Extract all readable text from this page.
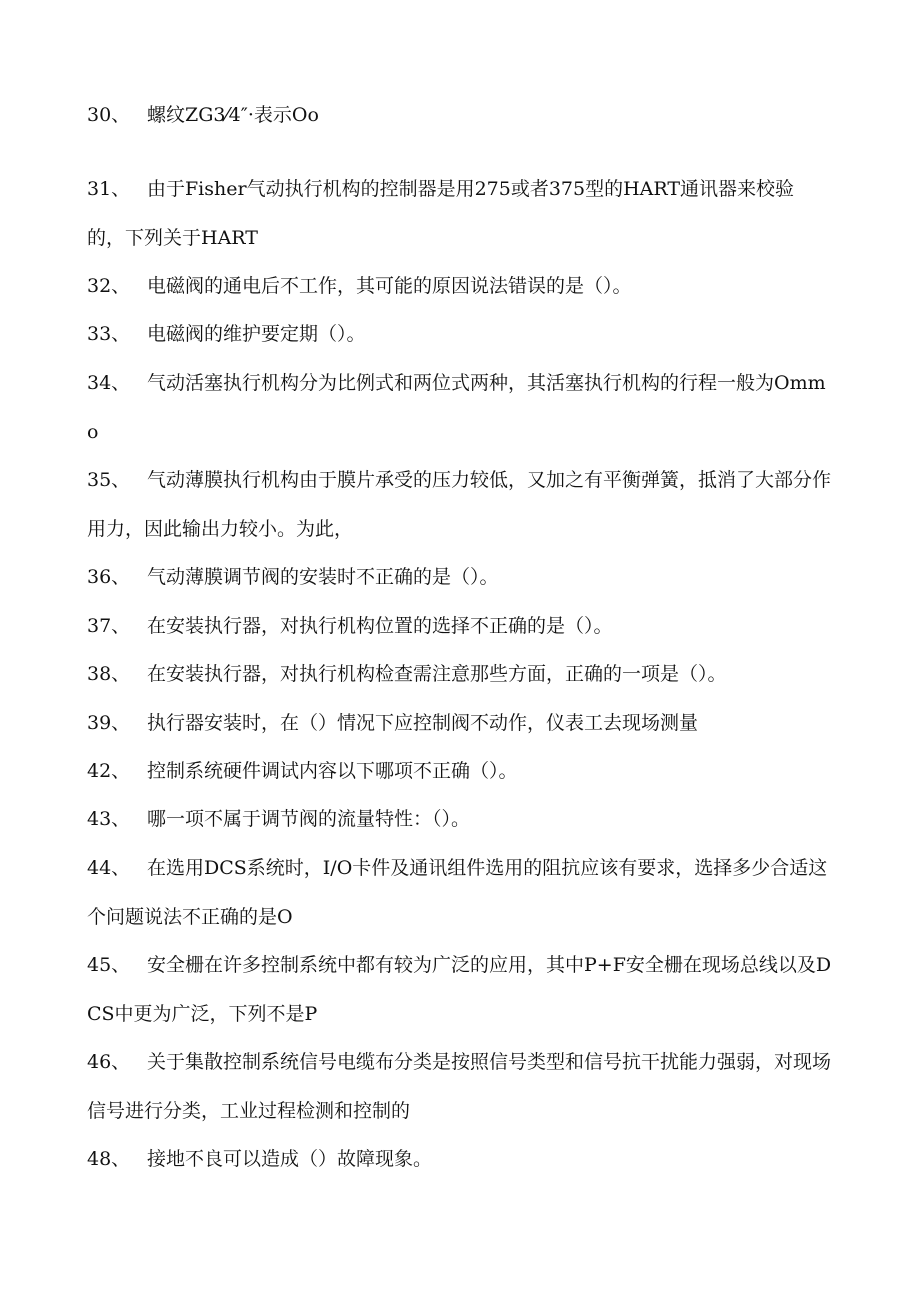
30、 螺纹ZG3⁄4″·表示Oo

31、 由于Fisher气动执行机构的控制器是用275或者375型的HART通讯器来校验的，下列关于HART

32、 电磁阀的通电后不工作，其可能的原因说法错误的是（）。

33、 电磁阀的维护要定期（）。

34、 气动活塞执行机构分为比例式和两位式两种，其活塞执行机构的行程一般为Ommo

35、 气动薄膜执行机构由于膜片承受的压力较低，又加之有平衡弹簧，抵消了大部分作用力，因此输出力较小。为此，

36、 气动薄膜调节阀的安装时不正确的是（）。

37、 在安装执行器，对执行机构位置的选择不正确的是（）。

38、 在安装执行器，对执行机构检查需注意那些方面，正确的一项是（）。

39、 执行器安装时，在（）情况下应控制阀不动作，仪表工去现场测量

42、 控制系统硬件调试内容以下哪项不正确（）。

43、 哪一项不属于调节阀的流量特性：（）。

44、 在选用DCS系统时，I/O卡件及通讯组件选用的阻抗应该有要求，选择多少合适这个问题说法不正确的是O

45、 安全栅在许多控制系统中都有较为广泛的应用，其中P+F安全栅在现场总线以及DCS中更为广泛，下列不是P

46、 关于集散控制系统信号电缆布分类是按照信号类型和信号抗干扰能力强弱，对现场信号进行分类，工业过程检测和控制的

48、 接地不良可以造成（）故障现象。
